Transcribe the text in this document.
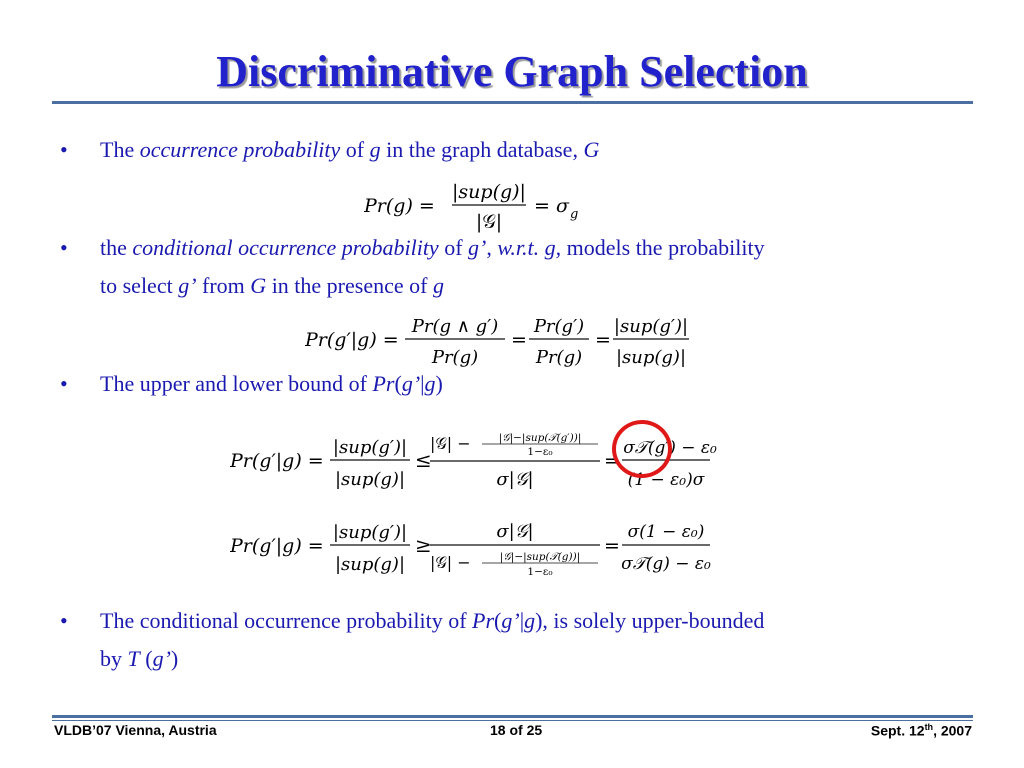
Discriminative Graph Selection
• The occurrence probability of g in the graph database, G
Pr(g) =
|sup(g)|
|𝒢|
= σ g
• the conditional occurrence probability of g’, w.r.t. g, models the probability
to select g’ from G in the presence of g
Pr(g′|g) =
Pr(g ∧ g′)
Pr(g)
=
Pr(g′)
Pr(g)
=
|sup(g′)|
|sup(g)|
• The upper and lower bound of Pr(g’|g)
Pr(g′|g) =
|sup(g′)|
|sup(g)|
≤
|𝒢| −	|𝒢|−|sup(𝒯(g′))|
1−ε₀
σ|𝒢|
=
σ𝒯(g′) − ε₀
(1 − ε₀)σ
Pr(g′|g) =
|sup(g′)|
|sup(g)|
≥
σ|𝒢|
|𝒢| −	|𝒢|−|sup(𝒯(g))|
1−ε₀
=
σ(1 − ε₀)
σ𝒯(g) − ε₀
• The conditional occurrence probability of Pr(g’|g), is solely upper-bounded
by T (g’)
VLDB’07 Vienna, Austria	18 of 25	Sept. 12th, 2007
